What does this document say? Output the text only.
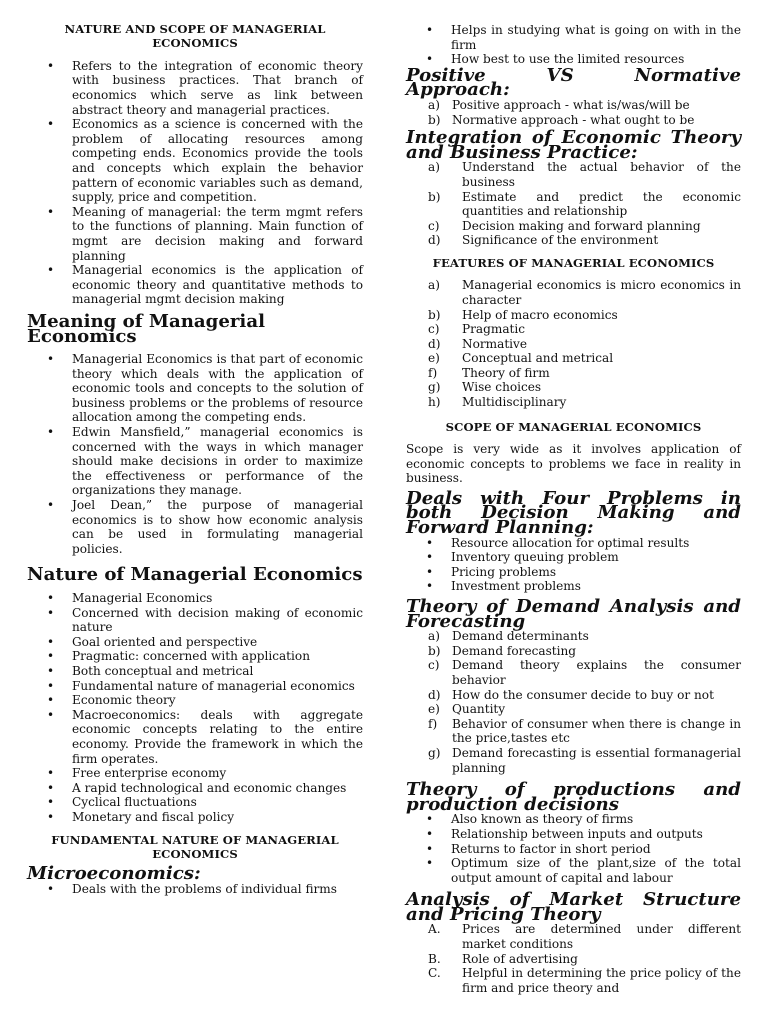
NATURE AND SCOPE OF MANAGERIAL ECONOMICS
• Refers to the integration of economic theory with business practices. That branch of economics which serve as link between abstract theory and managerial practices.
• Economics as a science is concerned with the problem of allocating resources among competing ends. Economics provide the tools and concepts which explain the behavior pattern of economic variables such as demand, supply, price and competition.
• Meaning of managerial: the term mgmt refers to the functions of planning. Main function of mgmt are decision making and forward planning
• Managerial economics is the application of economic theory and quantitative methods to managerial mgmt decision making
Meaning of Managerial Economics
• Managerial Economics is that part of economic theory which deals with the application of economic tools and concepts to the solution of business problems or the problems of resource allocation among the competing ends.
• Edwin Mansfield,” managerial economics is concerned with the ways in which manager should make decisions in order to maximize the effectiveness or performance of the organizations they manage.
• Joel Dean,” the purpose of managerial economics is to show how economic analysis can be used in formulating managerial policies.
Nature of Managerial Economics
• Managerial Economics
• Concerned with decision making of economic nature
• Goal oriented and perspective
• Pragmatic: concerned with application
• Both conceptual and metrical
• Fundamental nature of managerial economics
• Economic theory
• Macroeconomics: deals with aggregate economic concepts relating to the entire economy. Provide the framework in which the firm operates.
• Free enterprise economy
• A rapid technological and economic changes
• Cyclical fluctuations
• Monetary and fiscal policy
FUNDAMENTAL NATURE OF MANAGERIAL ECONOMICS
Microeconomics:
• Deals with the problems of individual firms
• Helps in studying what is going on with in the firm
• How best to use the limited resources
Positive VS Normative Approach:
a) Positive approach - what is/was/will be
b) Normative approach - what ought to be
Integration of Economic Theory and Business Practice:
a) Understand the actual behavior of the business
b) Estimate and predict the economic quantities and relationship
c) Decision making and forward planning
d) Significance of the environment
FEATURES OF MANAGERIAL ECONOMICS
a) Managerial economics is micro economics in character
b) Help of macro economics
c) Pragmatic
d) Normative
e) Conceptual and metrical
f) Theory of firm
g) Wise choices
h) Multidisciplinary
SCOPE OF MANAGERIAL ECONOMICS

Scope is very wide as it involves application of economic concepts to problems we face in reality in business.

Deals with Four Problems in both Decision Making and Forward Planning:
• Resource allocation for optimal results
• Inventory queuing problem
• Pricing problems
• Investment problems
Theory of Demand Analysis and Forecasting
a) Demand determinants
b) Demand forecasting
c) Demand theory explains the consumer behavior
d) How do the consumer decide to buy or not
e) Quantity
f) Behavior of consumer when there is change in the price,tastes etc
g) Demand forecasting is essential formanagerial planning
Theory of productions and production decisions
• Also known as theory of firms
• Relationship between inputs and outputs
• Returns to factor in short period
• Optimum size of the plant,size of the total output amount of capital and labour
Analysis of Market Structure and Pricing Theory
A. Prices are determined under different market conditions
B. Role of advertising
C. Helpful in determining the price policy of the firm and price theory and
